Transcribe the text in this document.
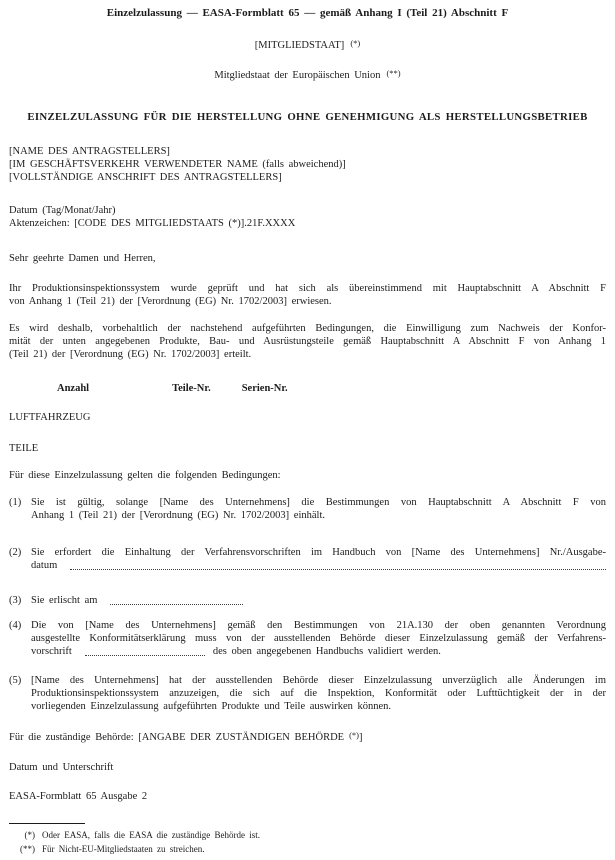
Einzelzulassung — EASA-Formblatt 65 — gemäß Anhang I (Teil 21) Abschnitt F
[MITGLIEDSTAAT] (*)
Mitgliedstaat der Europäischen Union (**)
EINZELZULASSUNG FÜR DIE HERSTELLUNG OHNE GENEHMIGUNG ALS HERSTELLUNGSBETRIEB
[NAME DES ANTRAGSTELLERS]
[IM GESCHÄFTSVERKEHR VERWENDETER NAME (falls abweichend)]
[VOLLSTÄNDIGE ANSCHRIFT DES ANTRAGSTELLERS]
Datum (Tag/Monat/Jahr)
Aktenzeichen: [CODE DES MITGLIEDSTAATS (*)].21F.XXXX
Sehr geehrte Damen und Herren,
Ihr Produktionsinspektionssystem wurde geprüft und hat sich als übereinstimmend mit Hauptabschnitt A Abschnitt F
von Anhang 1 (Teil 21) der [Verordnung (EG) Nr. 1702/2003] erwiesen.
Es wird deshalb, vorbehaltlich der nachstehend aufgeführten Bedingungen, die Einwilligung zum Nachweis der Konfor-
mität der unten angegebenen Produkte, Bau- und Ausrüstungsteile gemäß Hauptabschnitt A Abschnitt F von Anhang 1
(Teil 21) der [Verordnung (EG) Nr. 1702/2003] erteilt.
Anzahl	Teile-Nr.	Serien-Nr.
LUFTFAHRZEUG
TEILE
Für diese Einzelzulassung gelten die folgenden Bedingungen:
(1) Sie ist gültig, solange [Name des Unternehmens] die Bestimmungen von Hauptabschnitt A Abschnitt F von
Anhang 1 (Teil 21) der [Verordnung (EG) Nr. 1702/2003] einhält.
(2) Sie erfordert die Einhaltung der Verfahrensvorschriften im Handbuch von [Name des Unternehmens] Nr./Ausgabe-
datum
(3) Sie erlischt am
(4) Die von [Name des Unternehmens] gemäß den Bestimmungen von 21A.130 der oben genannten Verordnung
ausgestellte Konformitätserklärung muss von der ausstellenden Behörde dieser Einzelzulassung gemäß der Verfahrens-
vorschrift	des oben angegebenen Handbuchs validiert werden.
(5) [Name des Unternehmens] hat der ausstellenden Behörde dieser Einzelzulassung unverzüglich alle Änderungen im
Produktionsinspektionssystem anzuzeigen, die sich auf die Inspektion, Konformität oder Lufttüchtigkeit der in der
vorliegenden Einzelzulassung aufgeführten Produkte und Teile auswirken können.
Für die zuständige Behörde: [ANGABE DER ZUSTÄNDIGEN BEHÖRDE (*)]
Datum und Unterschrift
EASA-Formblatt 65 Ausgabe 2
(*) Oder EASA, falls die EASA die zuständige Behörde ist.
(**) Für Nicht-EU-Mitgliedstaaten zu streichen.
